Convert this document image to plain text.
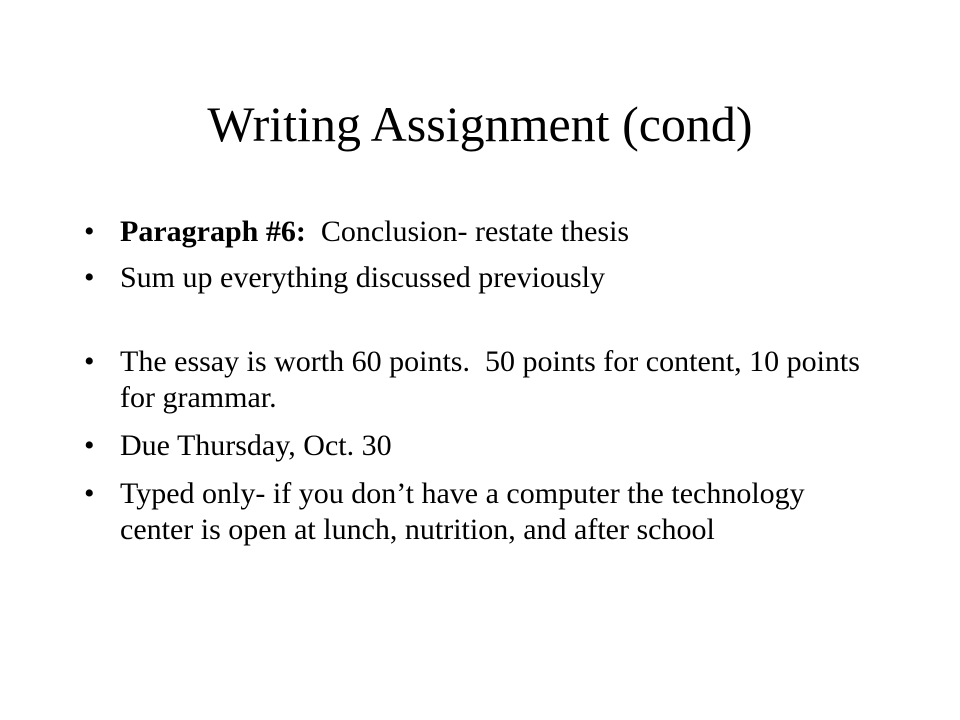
Writing Assignment (cond)
• Paragraph #6:  Conclusion- restate thesis
• Sum up everything discussed previously
• The essay is worth 60 points.  50 points for content, 10 points for grammar.
• Due Thursday, Oct. 30
• Typed only- if you don’t have a computer the technology center is open at lunch, nutrition, and after school
